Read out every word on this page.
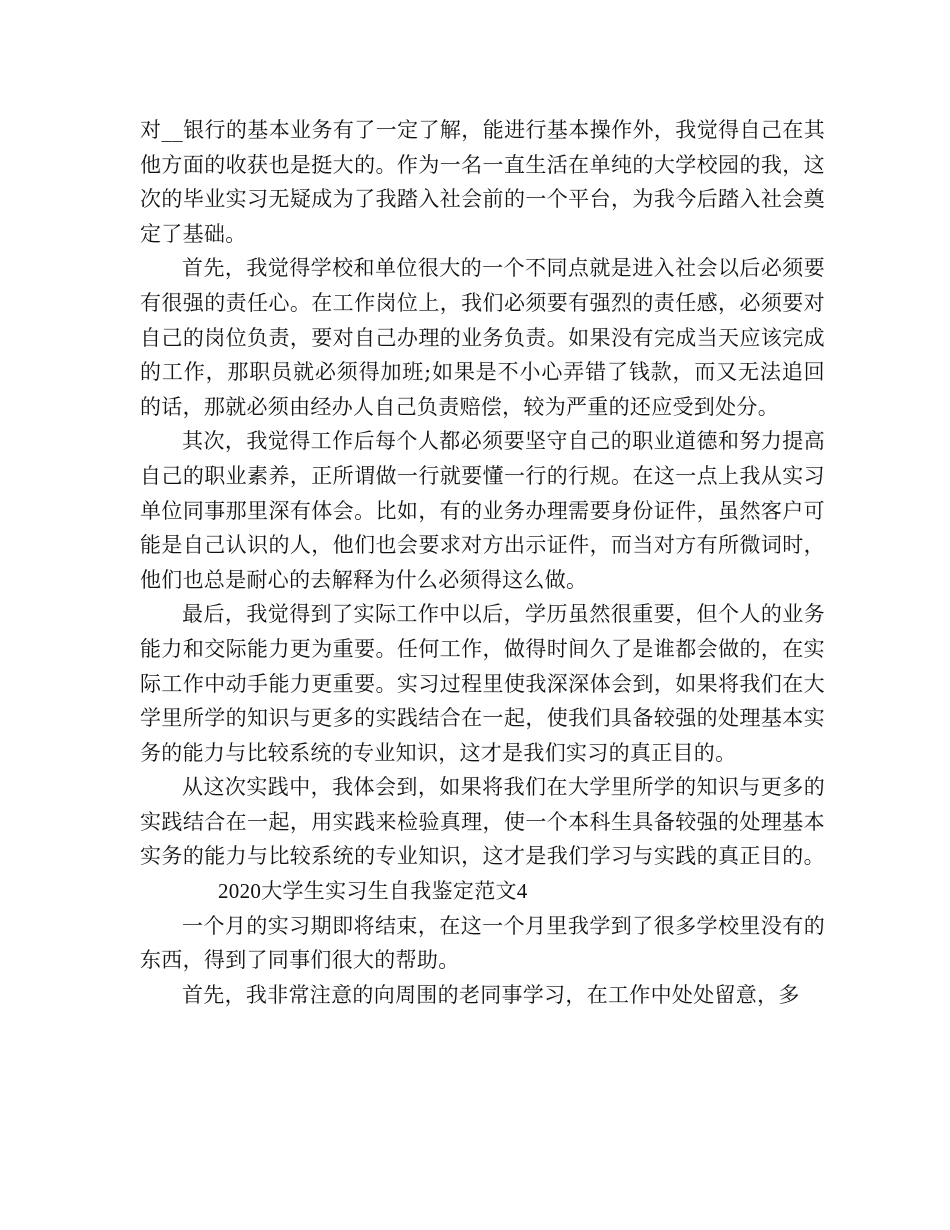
对__银行的基本业务有了一定了解，能进行基本操作外，我觉得自己在其他方面的收获也是挺大的。作为一名一直生活在单纯的大学校园的我，这次的毕业实习无疑成为了我踏入社会前的一个平台，为我今后踏入社会奠定了基础。

首先，我觉得学校和单位很大的一个不同点就是进入社会以后必须要有很强的责任心。在工作岗位上，我们必须要有强烈的责任感，必须要对自己的岗位负责，要对自己办理的业务负责。如果没有完成当天应该完成的工作，那职员就必须得加班;如果是不小心弄错了钱款，而又无法追回的话，那就必须由经办人自己负责赔偿，较为严重的还应受到处分。

其次，我觉得工作后每个人都必须要坚守自己的职业道德和努力提高自己的职业素养，正所谓做一行就要懂一行的行规。在这一点上我从实习单位同事那里深有体会。比如，有的业务办理需要身份证件，虽然客户可能是自己认识的人，他们也会要求对方出示证件，而当对方有所微词时，他们也总是耐心的去解释为什么必须得这么做。

最后，我觉得到了实际工作中以后，学历虽然很重要，但个人的业务能力和交际能力更为重要。任何工作，做得时间久了是谁都会做的，在实际工作中动手能力更重要。实习过程里使我深深体会到，如果将我们在大学里所学的知识与更多的实践结合在一起，使我们具备较强的处理基本实务的能力与比较系统的专业知识，这才是我们实习的真正目的。

从这次实践中，我体会到，如果将我们在大学里所学的知识与更多的实践结合在一起，用实践来检验真理，使一个本科生具备较强的处理基本实务的能力与比较系统的专业知识，这才是我们学习与实践的真正目的。2020大学生实习生自我鉴定范文4

一个月的实习期即将结束，在这一个月里我学到了很多学校里没有的东西，得到了同事们很大的帮助。

首先，我非常注意的向周围的老同事学习，在工作中处处留意，多
